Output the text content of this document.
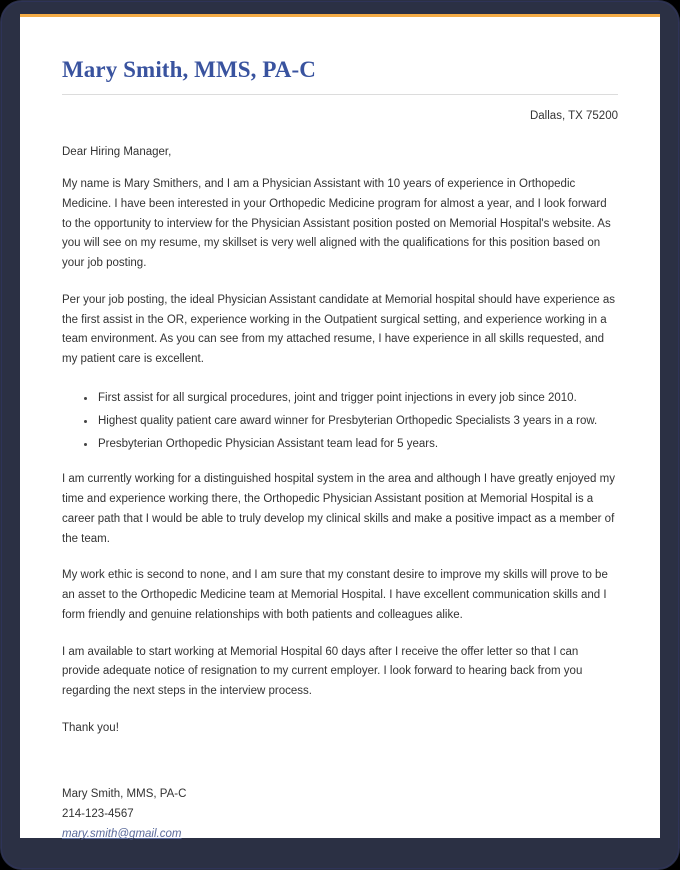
Mary Smith, MMS, PA-C
Dallas, TX 75200
Dear Hiring Manager,

My name is Mary Smithers, and I am a Physician Assistant with 10 years of experience in Orthopedic Medicine. I have been interested in your Orthopedic Medicine program for almost a year, and I look forward to the opportunity to interview for the Physician Assistant position posted on Memorial Hospital's website. As you will see on my resume, my skillset is very well aligned with the qualifications for this position based on your job posting.

Per your job posting, the ideal Physician Assistant candidate at Memorial hospital should have experience as the first assist in the OR, experience working in the Outpatient surgical setting, and experience working in a team environment. As you can see from my attached resume, I have experience in all skills requested, and my patient care is excellent.

First assist for all surgical procedures, joint and trigger point injections in every job since 2010.
Highest quality patient care award winner for Presbyterian Orthopedic Specialists 3 years in a row.
Presbyterian Orthopedic Physician Assistant team lead for 5 years.

I am currently working for a distinguished hospital system in the area and although I have greatly enjoyed my time and experience working there, the Orthopedic Physician Assistant position at Memorial Hospital is a career path that I would be able to truly develop my clinical skills and make a positive impact as a member of the team.

My work ethic is second to none, and I am sure that my constant desire to improve my skills will prove to be an asset to the Orthopedic Medicine team at Memorial Hospital. I have excellent communication skills and I form friendly and genuine relationships with both patients and colleagues alike.

I am available to start working at Memorial Hospital 60 days after I receive the offer letter so that I can provide adequate notice of resignation to my current employer. I look forward to hearing back from you regarding the next steps in the interview process.

Thank you!

Mary Smith, MMS, PA-C
214-123-4567
mary.smith@gmail.com
